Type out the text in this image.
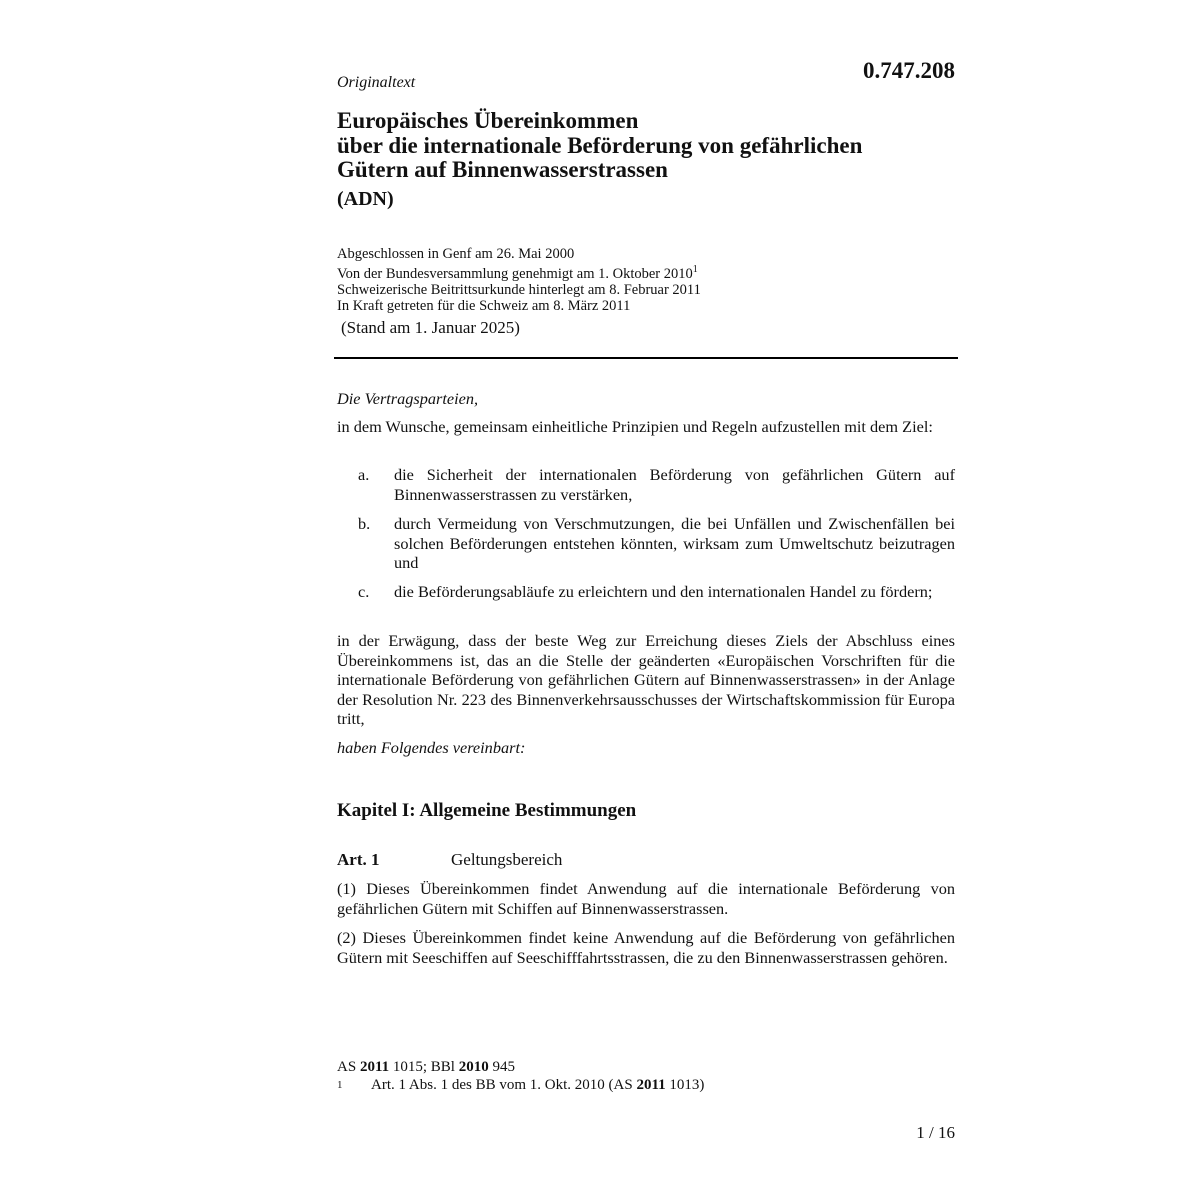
Originaltext	0.747.208
Europäisches Übereinkommen
über die internationale Beförderung von gefährlichen
Gütern auf Binnenwasserstrassen
(ADN)
Abgeschlossen in Genf am 26. Mai 2000
Von der Bundesversammlung genehmigt am 1. Oktober 2010$^1$
Schweizerische Beitrittsurkunde hinterlegt am 8. Februar 2011
In Kraft getreten für die Schweiz am 8. März 2011
(Stand am 1. Januar 2025)
Die Vertragsparteien,
in dem Wunsche, gemeinsam einheitliche Prinzipien und Regeln aufzustellen mit dem Ziel:
a. die Sicherheit der internationalen Beförderung von gefährlichen Gütern auf Binnenwasserstrassen zu verstärken,
b. durch Vermeidung von Verschmutzungen, die bei Unfällen und Zwischenfällen bei solchen Beförderungen entstehen könnten, wirksam zum Umweltschutz beizutragen und
c. die Beförderungsabläufe zu erleichtern und den internationalen Handel zu fördern;
in der Erwägung, dass der beste Weg zur Erreichung dieses Ziels der Abschluss eines Übereinkommens ist, das an die Stelle der geänderten «Europäischen Vorschriften für die internationale Beförderung von gefährlichen Gütern auf Binnenwasserstrassen» in der Anlage der Resolution Nr. 223 des Binnenverkehrsausschusses der Wirtschaftskommission für Europa tritt,
haben Folgendes vereinbart:
Kapitel I: Allgemeine Bestimmungen
Art. 1	Geltungsbereich
(1) Dieses Übereinkommen findet Anwendung auf die internationale Beförderung von gefährlichen Gütern mit Schiffen auf Binnenwasserstrassen.
(2) Dieses Übereinkommen findet keine Anwendung auf die Beförderung von gefährlichen Gütern mit Seeschiffen auf Seeschifffahrtsstrassen, die zu den Binnenwasserstrassen gehören.
AS 2011 1015; BBl 2010 945
1	Art. 1 Abs. 1 des BB vom 1. Okt. 2010 (AS 2011 1013)
1 / 16
